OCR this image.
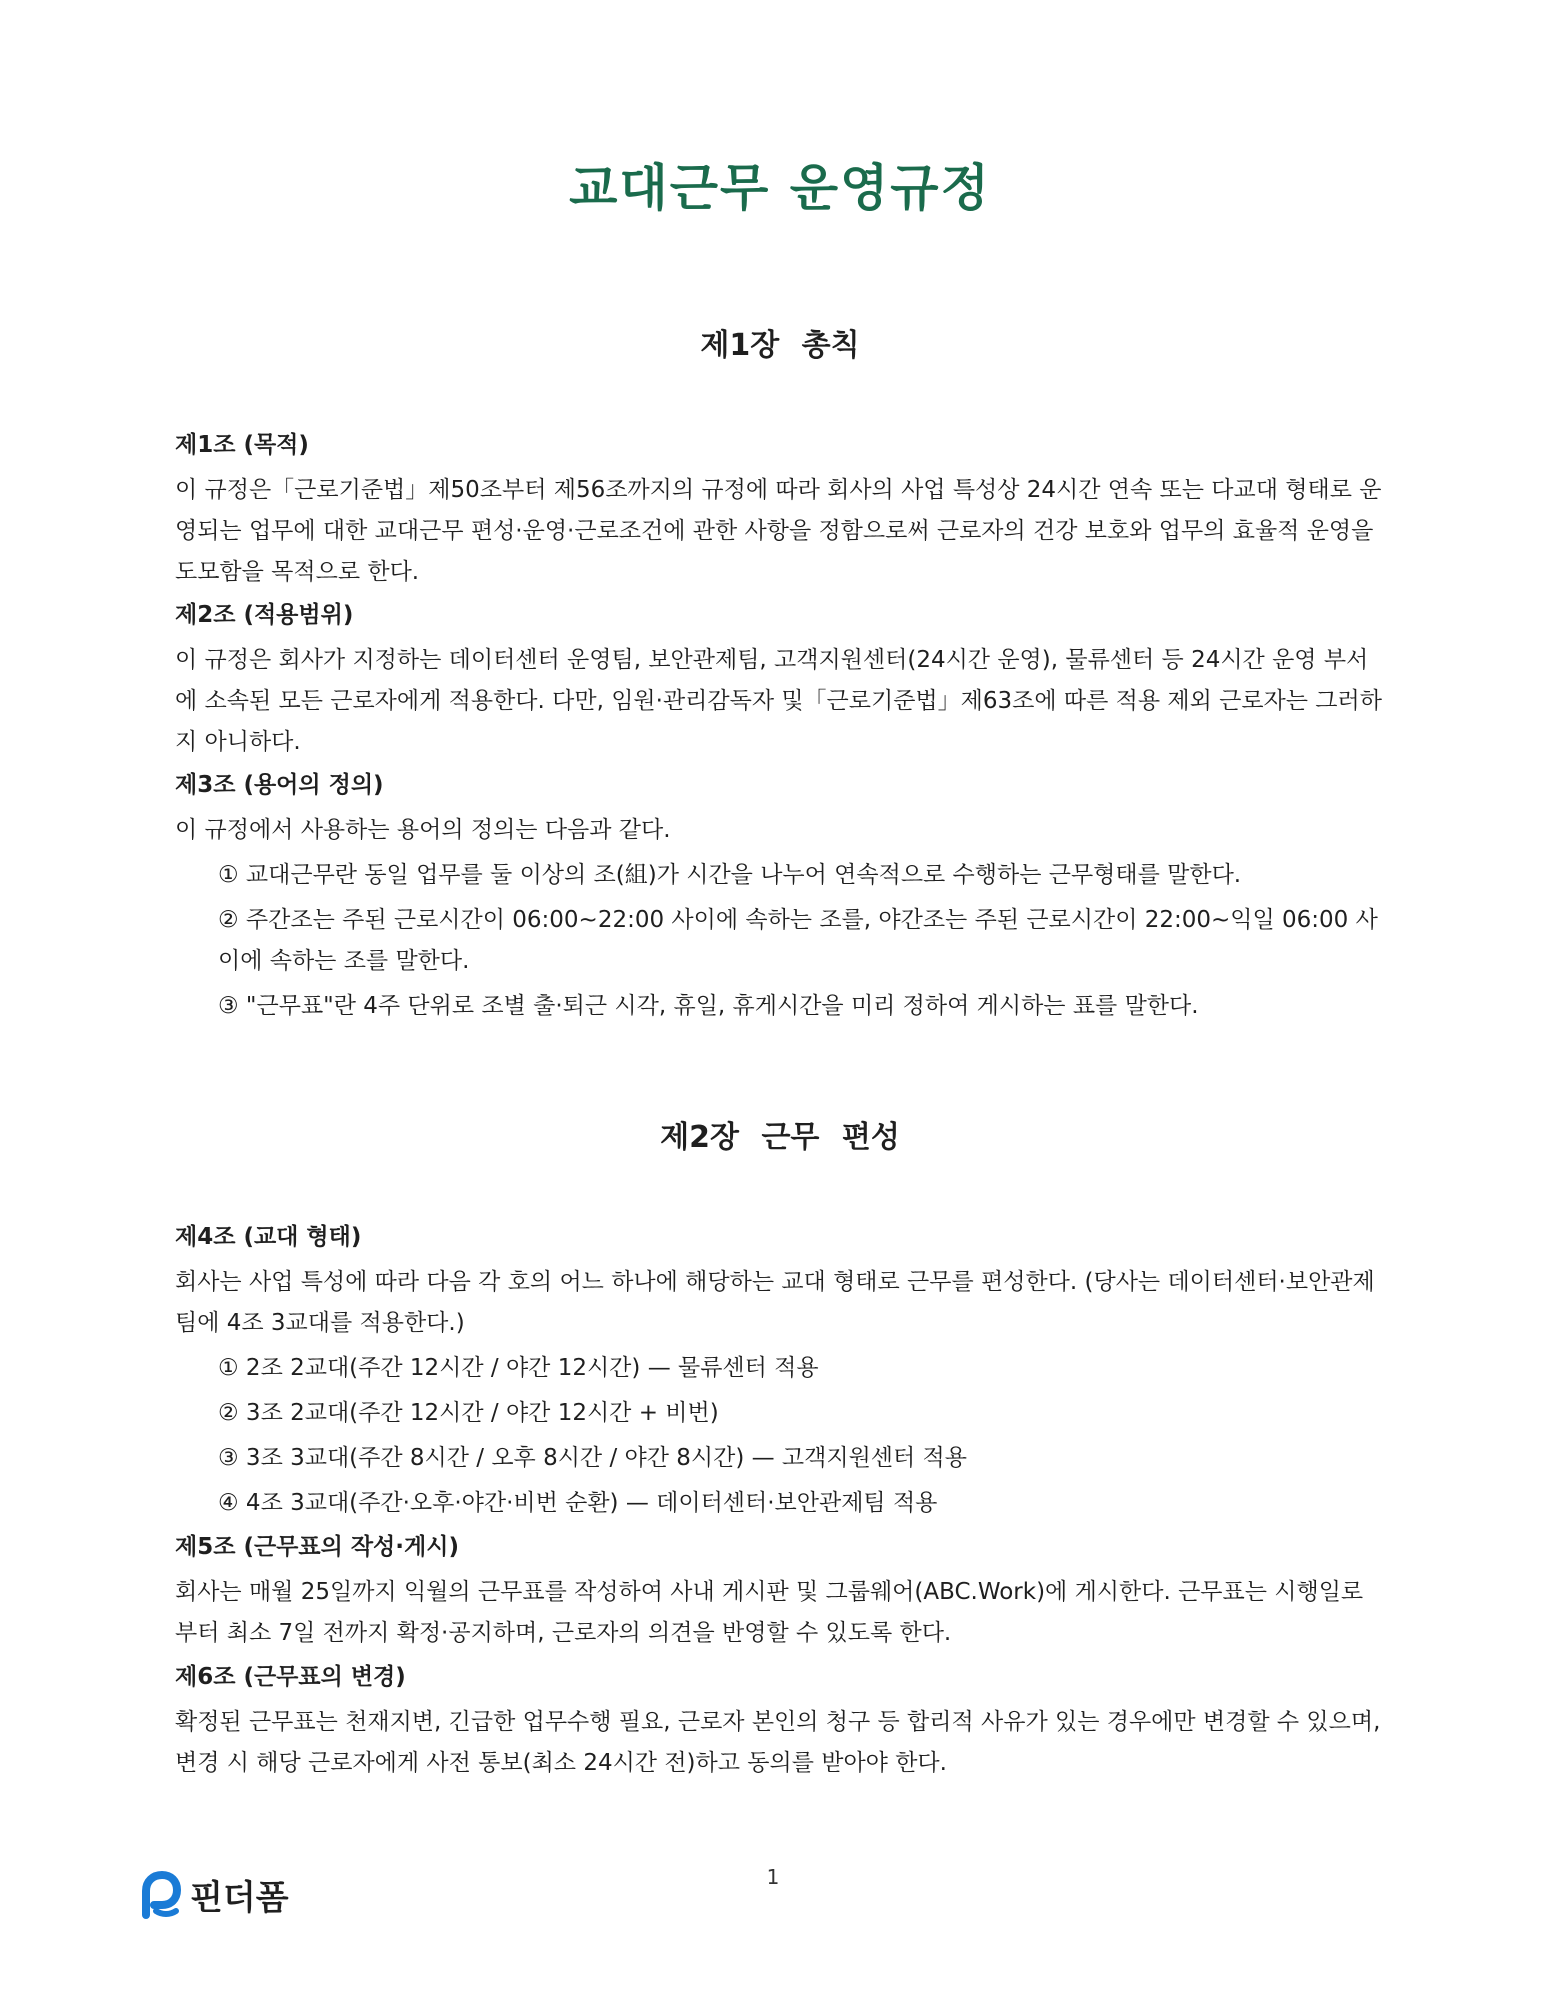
교대근무 운영규정
제1장 총칙
제1조 (목적)

이 규정은「근로기준법」제50조부터 제56조까지의 규정에 따라 회사의 사업 특성상 24시간 연속 또는 다교대 형태로 운영되는 업무에 대한 교대근무 편성·운영·근로조건에 관한 사항을 정함으로써 근로자의 건강 보호와 업무의 효율적 운영을 도모함을 목적으로 한다.

제2조 (적용범위)

이 규정은 회사가 지정하는 데이터센터 운영팀, 보안관제팀, 고객지원센터(24시간 운영), 물류센터 등 24시간 운영 부서에 소속된 모든 근로자에게 적용한다. 다만, 임원·관리감독자 및「근로기준법」제63조에 따른 적용 제외 근로자는 그러하지 아니하다.

제3조 (용어의 정의)

이 규정에서 사용하는 용어의 정의는 다음과 같다.

① 교대근무란 동일 업무를 둘 이상의 조(組)가 시간을 나누어 연속적으로 수행하는 근무형태를 말한다.

② 주간조는 주된 근로시간이 06:00~22:00 사이에 속하는 조를, 야간조는 주된 근로시간이 22:00~익일 06:00 사이에 속하는 조를 말한다.

③ "근무표"란 4주 단위로 조별 출·퇴근 시각, 휴일, 휴게시간을 미리 정하여 게시하는 표를 말한다.

제2장 근무 편성
제4조 (교대 형태)

회사는 사업 특성에 따라 다음 각 호의 어느 하나에 해당하는 교대 형태로 근무를 편성한다. (당사는 데이터센터·보안관제팀에 4조 3교대를 적용한다.)

① 2조 2교대(주간 12시간 / 야간 12시간) — 물류센터 적용

② 3조 2교대(주간 12시간 / 야간 12시간 + 비번)

③ 3조 3교대(주간 8시간 / 오후 8시간 / 야간 8시간) — 고객지원센터 적용

④ 4조 3교대(주간·오후·야간·비번 순환) — 데이터센터·보안관제팀 적용

제5조 (근무표의 작성·게시)

회사는 매월 25일까지 익월의 근무표를 작성하여 사내 게시판 및 그룹웨어(ABC.Work)에 게시한다. 근무표는 시행일로부터 최소 7일 전까지 확정·공지하며, 근로자의 의견을 반영할 수 있도록 한다.

제6조 (근무표의 변경)

확정된 근무표는 천재지변, 긴급한 업무수행 필요, 근로자 본인의 청구 등 합리적 사유가 있는 경우에만 변경할 수 있으며, 변경 시 해당 근로자에게 사전 통보(최소 24시간 전)하고 동의를 받아야 한다.

핀더폼
1
